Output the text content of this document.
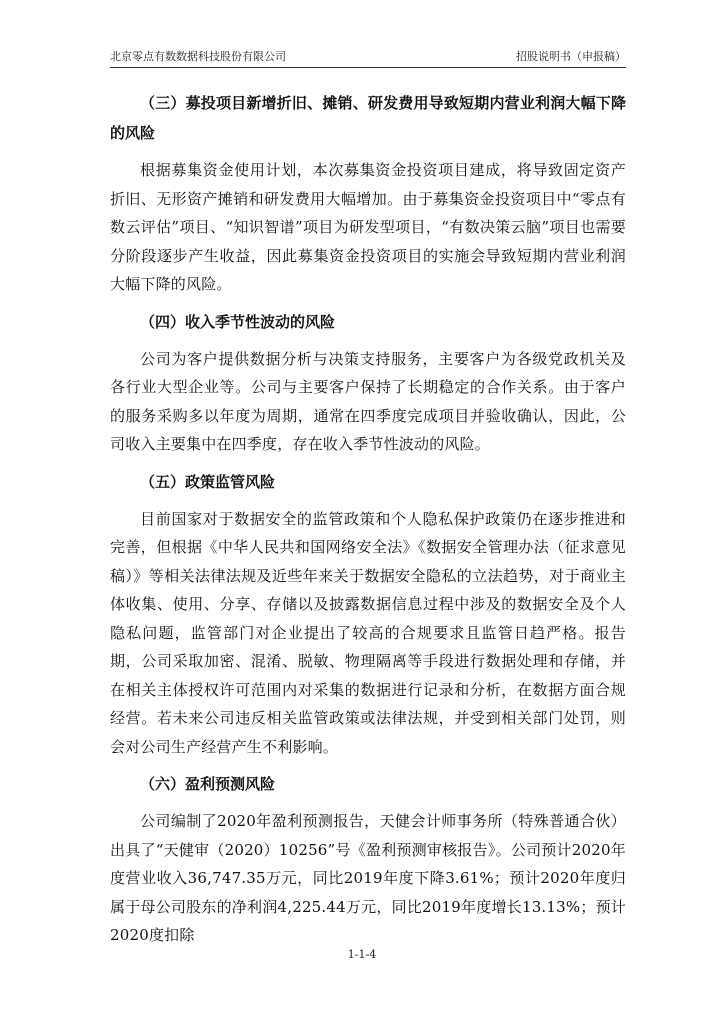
北京零点有数数据科技股份有限公司	招股说明书（申报稿）
（三）募投项目新增折旧、摊销、研发费用导致短期内营业利润大幅下降的风险

根据募集资金使用计划，本次募集资金投资项目建成，将导致固定资产折旧、无形资产摊销和研发费用大幅增加。由于募集资金投资项目中“零点有数云评估”项目、“知识智谱”项目为研发型项目，“有数决策云脑”项目也需要分阶段逐步产生收益，因此募集资金投资项目的实施会导致短期内营业利润大幅下降的风险。

（四）收入季节性波动的风险

公司为客户提供数据分析与决策支持服务，主要客户为各级党政机关及各行业大型企业等。公司与主要客户保持了长期稳定的合作关系。由于客户的服务采购多以年度为周期，通常在四季度完成项目并验收确认，因此，公司收入主要集中在四季度，存在收入季节性波动的风险。

（五）政策监管风险

目前国家对于数据安全的监管政策和个人隐私保护政策仍在逐步推进和完善，但根据《中华人民共和国网络安全法》《数据安全管理办法（征求意见稿）》等相关法律法规及近些年来关于数据安全隐私的立法趋势，对于商业主体收集、使用、分享、存储以及披露数据信息过程中涉及的数据安全及个人隐私问题，监管部门对企业提出了较高的合规要求且监管日趋严格。报告期，公司采取加密、混淆、脱敏、物理隔离等手段进行数据处理和存储，并在相关主体授权许可范围内对采集的数据进行记录和分析，在数据方面合规经营。若未来公司违反相关监管政策或法律法规，并受到相关部门处罚，则会对公司生产经营产生不利影响。

（六）盈利预测风险

公司编制了2020年盈利预测报告，天健会计师事务所（特殊普通合伙）出具了“天健审（2020）10256”号《盈利预测审核报告》。公司预计2020年度营业收入36,747.35万元，同比2019年度下降3.61%；预计2020年度归属于母公司股东的净利润4,225.44万元，同比2019年度增长13.13%；预计2020度扣除

1-1-4
